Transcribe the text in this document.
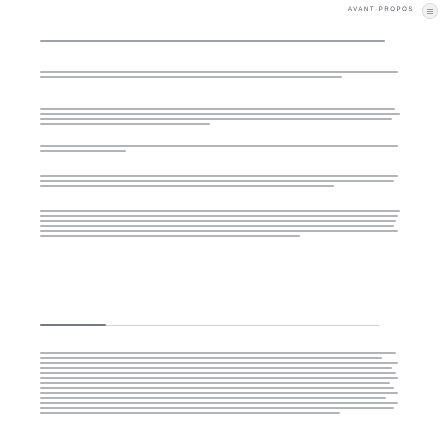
AVANT·PROPOS
